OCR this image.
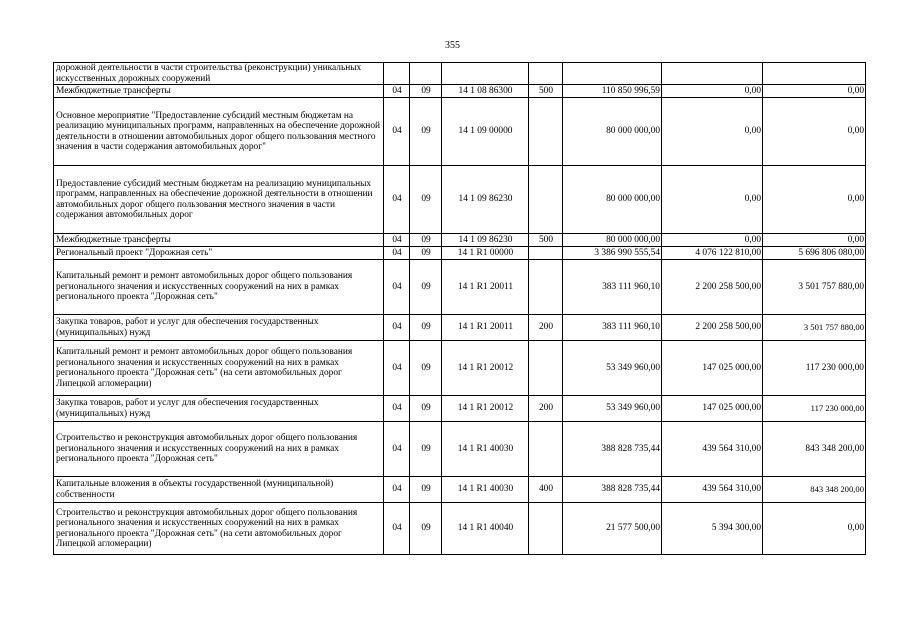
355
дорожной деятельности в части строительства (реконструкции) уникальных искусственных дорожных сооружений							
Межбюджетные трансферты	04	09	14 1 08 86300	500	110 850 996,59	0,00	0,00
Основное мероприятие "Предоставление субсидий местным бюджетам на реализацию муниципальных программ, направленных на обеспечение дорожной деятельности в отношении автомобильных дорог общего пользования местного значения в части содержания автомобильных дорог"	04	09	14 1 09 00000		80 000 000,00	0,00	0,00
Предоставление субсидий местным бюджетам на реализацию муниципальных программ, направленных на обеспечение дорожной деятельности в отношении автомобильных дорог общего пользования местного значения в части содержания автомобильных дорог	04	09	14 1 09 86230		80 000 000,00	0,00	0,00
Межбюджетные трансферты	04	09	14 1 09 86230	500	80 000 000,00	0,00	0,00
Региональный проект "Дорожная сеть"	04	09	14 1 R1 00000		3 386 990 555,54	4 076 122 810,00	5 696 806 080,00
Капитальный ремонт и ремонт автомобильных дорог общего пользования регионального значения и искусственных сооружений на них в рамках регионального проекта "Дорожная сеть"	04	09	14 1 R1 20011		383 111 960,10	2 200 258 500,00	3 501 757 880,00
Закупка товаров, работ и услуг для обеспечения государственных (муниципальных) нужд	04	09	14 1 R1 20011	200	383 111 960,10	2 200 258 500,00	3 501 757 880,00
Капитальный ремонт и ремонт автомобильных дорог общего пользования регионального значения и искусственных сооружений на них в рамках регионального проекта "Дорожная сеть" (на сети автомобильных дорог Липецкой агломерации)	04	09	14 1 R1 20012		53 349 960,00	147 025 000,00	117 230 000,00
Закупка товаров, работ и услуг для обеспечения государственных (муниципальных) нужд	04	09	14 1 R1 20012	200	53 349 960,00	147 025 000,00	117 230 000,00
Строительство и реконструкция автомобильных дорог общего пользования регионального значения и искусственных сооружений на них в рамках регионального проекта "Дорожная сеть"	04	09	14 1 R1 40030		388 828 735,44	439 564 310,00	843 348 200,00
Капитальные вложения в объекты государственной (муниципальной) собственности	04	09	14 1 R1 40030	400	388 828 735,44	439 564 310,00	843 348 200,00
Строительство и реконструкция автомобильных дорог общего пользования регионального значения и искусственных сооружений на них в рамках регионального проекта "Дорожная сеть" (на сети автомобильных дорог Липецкой агломерации)	04	09	14 1 R1 40040		21 577 500,00	5 394 300,00	0,00
